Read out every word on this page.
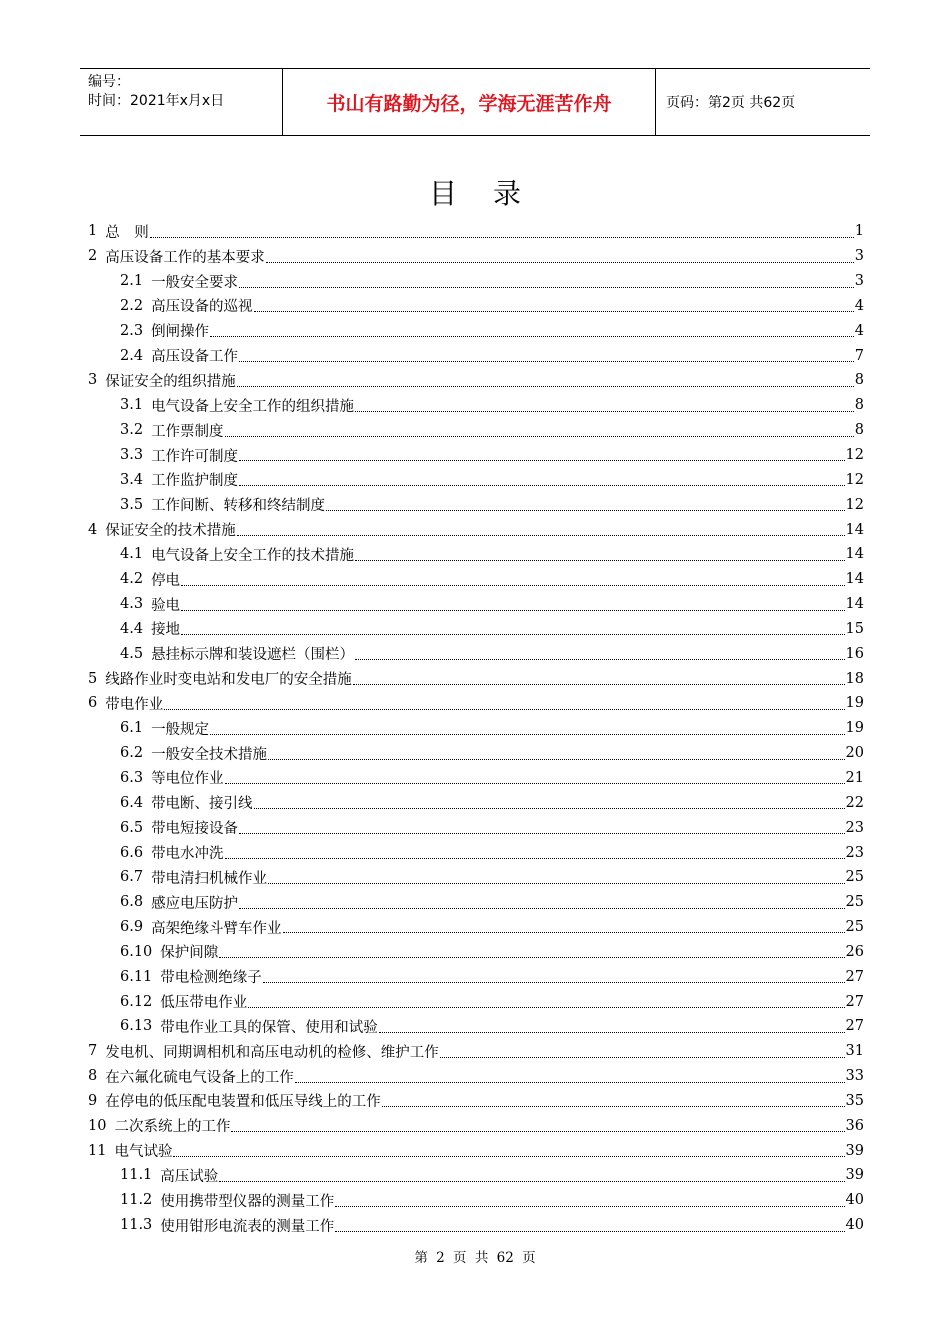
编号：
时间：2021年x月x日	书山有路勤为径，学海无涯苦作舟	页码：第2页 共62页
目录
1 总　则	1
2 高压设备工作的基本要求	3
2.1 一般安全要求	3
2.2 高压设备的巡视	4
2.3 倒闸操作	4
2.4 高压设备工作	7
3 保证安全的组织措施	8
3.1 电气设备上安全工作的组织措施	8
3.2 工作票制度	8
3.3 工作许可制度	12
3.4 工作监护制度	12
3.5 工作间断、转移和终结制度	12
4 保证安全的技术措施	14
4.1 电气设备上安全工作的技术措施	14
4.2 停电	14
4.3 验电	14
4.4 接地	15
4.5 悬挂标示牌和装设遮栏（围栏）	16
5 线路作业时变电站和发电厂的安全措施	18
6 带电作业	19
6.1 一般规定	19
6.2 一般安全技术措施	20
6.3 等电位作业	21
6.4 带电断、接引线	22
6.5 带电短接设备	23
6.6 带电水冲洗	23
6.7 带电清扫机械作业	25
6.8 感应电压防护	25
6.9 高架绝缘斗臂车作业	25
6.10 保护间隙	26
6.11 带电检测绝缘子	27
6.12 低压带电作业	27
6.13 带电作业工具的保管、使用和试验	27
7 发电机、同期调相机和高压电动机的检修、维护工作	31
8 在六氟化硫电气设备上的工作	33
9 在停电的低压配电装置和低压导线上的工作	35
10 二次系统上的工作	36
11 电气试验	39
11.1 高压试验	39
11.2 使用携带型仪器的测量工作	40
11.3 使用钳形电流表的测量工作	40
第 2 页 共 62 页
